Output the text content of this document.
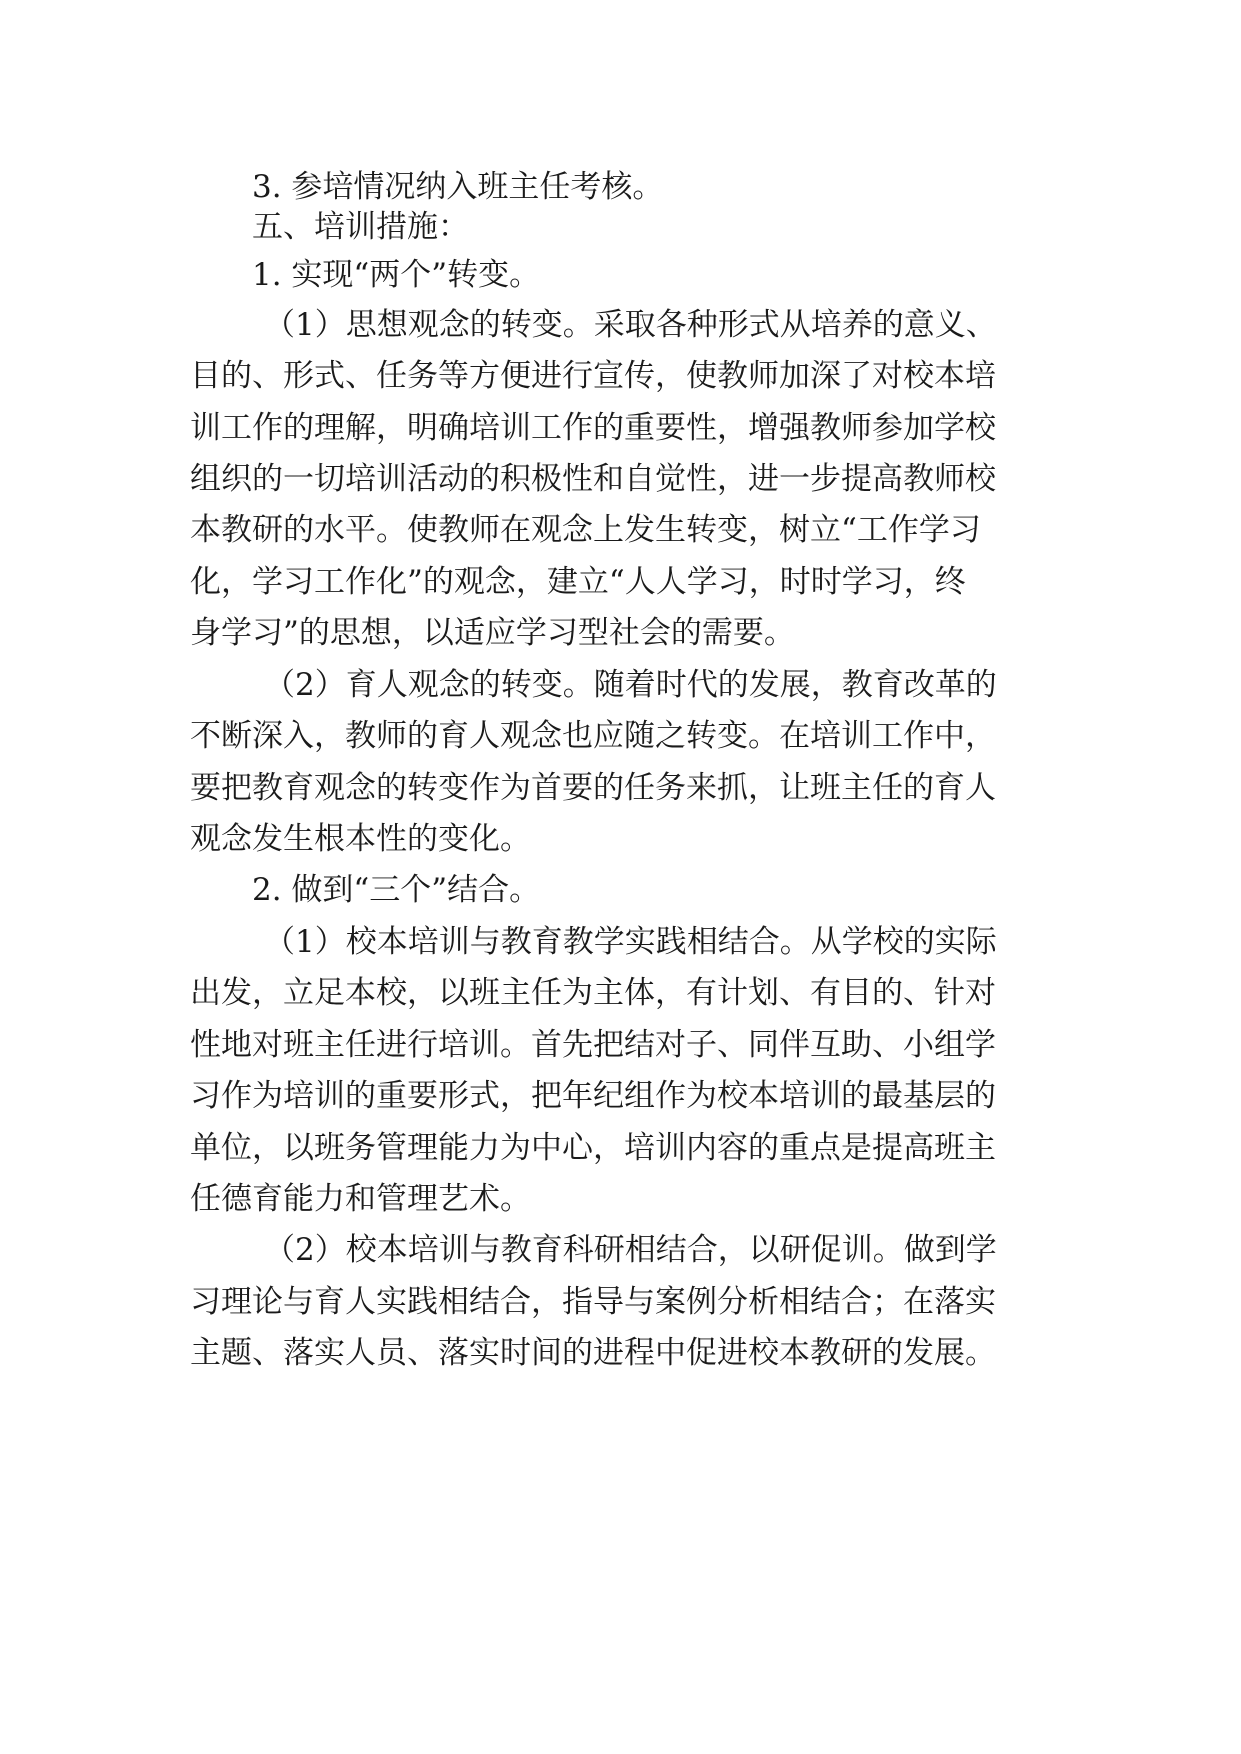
3. 参培情况纳入班主任考核。
五、培训措施：
1. 实现“两个”转变。
（1）思想观念的转变。采取各种形式从培养的意义、
目的、形式、任务等方便进行宣传，使教师加深了对校本培
训工作的理解，明确培训工作的重要性，增强教师参加学校
组织的一切培训活动的积极性和自觉性，进一步提高教师校
本教研的水平。使教师在观念上发生转变，树立“工作学习
化，学习工作化”的观念，建立“人人学习，时时学习，终
身学习”的思想，以适应学习型社会的需要。
（2）育人观念的转变。随着时代的发展，教育改革的
不断深入，教师的育人观念也应随之转变。在培训工作中，
要把教育观念的转变作为首要的任务来抓，让班主任的育人
观念发生根本性的变化。
2. 做到“三个”结合。
（1）校本培训与教育教学实践相结合。从学校的实际
出发，立足本校，以班主任为主体，有计划、有目的、针对
性地对班主任进行培训。首先把结对子、同伴互助、小组学
习作为培训的重要形式，把年纪组作为校本培训的最基层的
单位，以班务管理能力为中心，培训内容的重点是提高班主
任德育能力和管理艺术。
（2）校本培训与教育科研相结合，以研促训。做到学
习理论与育人实践相结合，指导与案例分析相结合；在落实
主题、落实人员、落实时间的进程中促进校本教研的发展。
